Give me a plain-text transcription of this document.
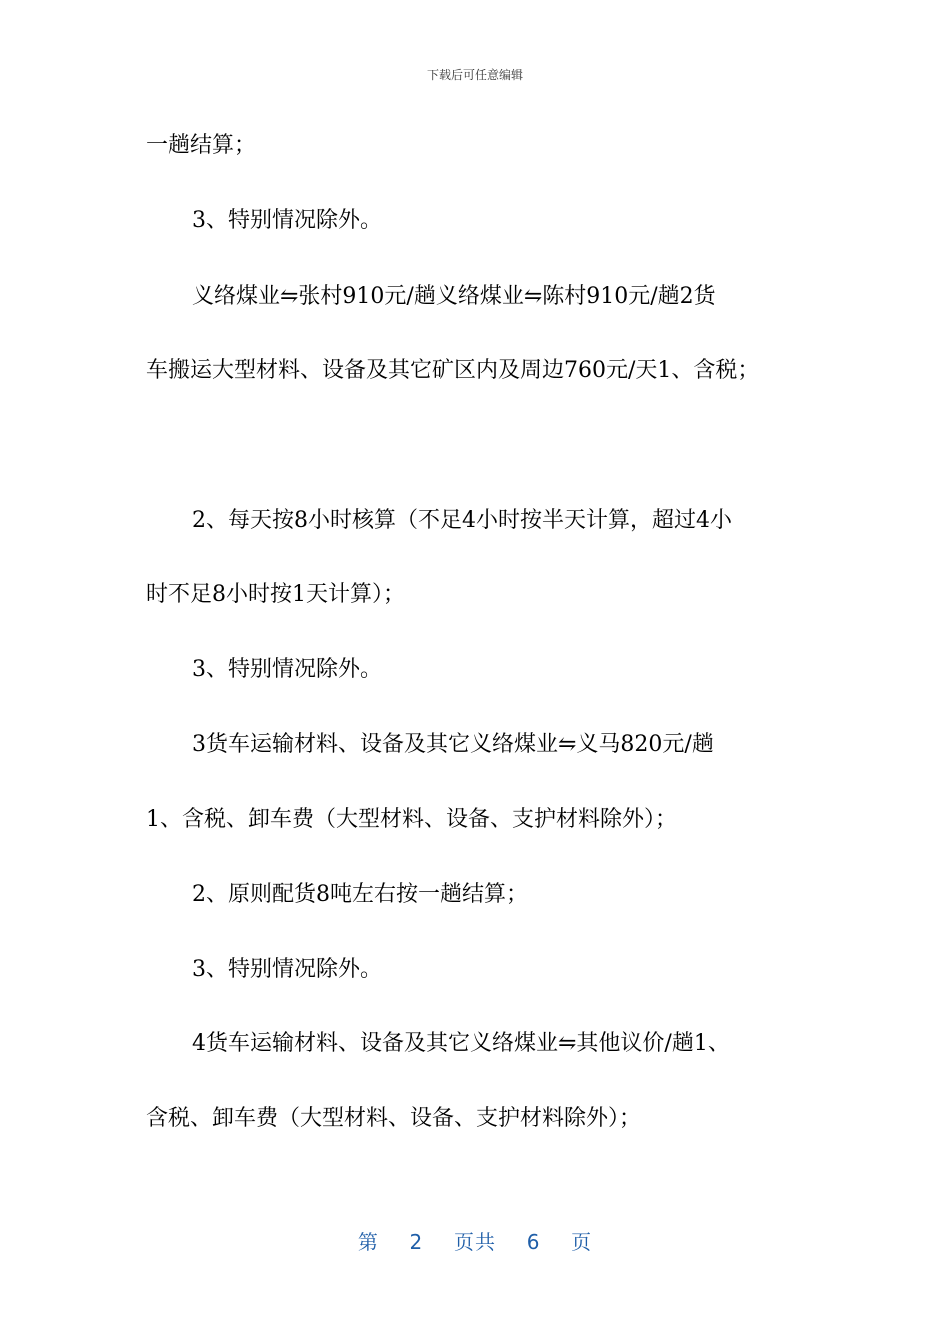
下载后可任意编辑
一趟结算；
3、特别情况除外。
义络煤业⇋张村910元/趟义络煤业⇋陈村910元/趟2货
车搬运大型材料、设备及其它矿区内及周边760元/天1、含税；
2、每天按8小时核算（不足4小时按半天计算，超过4小
时不足8小时按1天计算）；
3、特别情况除外。
3货车运输材料、设备及其它义络煤业⇋义马820元/趟
1、含税、卸车费（大型材料、设备、支护材料除外）；
2、原则配货8吨左右按一趟结算；
3、特别情况除外。
4货车运输材料、设备及其它义络煤业⇋其他议价/趟1、
含税、卸车费（大型材料、设备、支护材料除外）；
第 2 页共 6 页
